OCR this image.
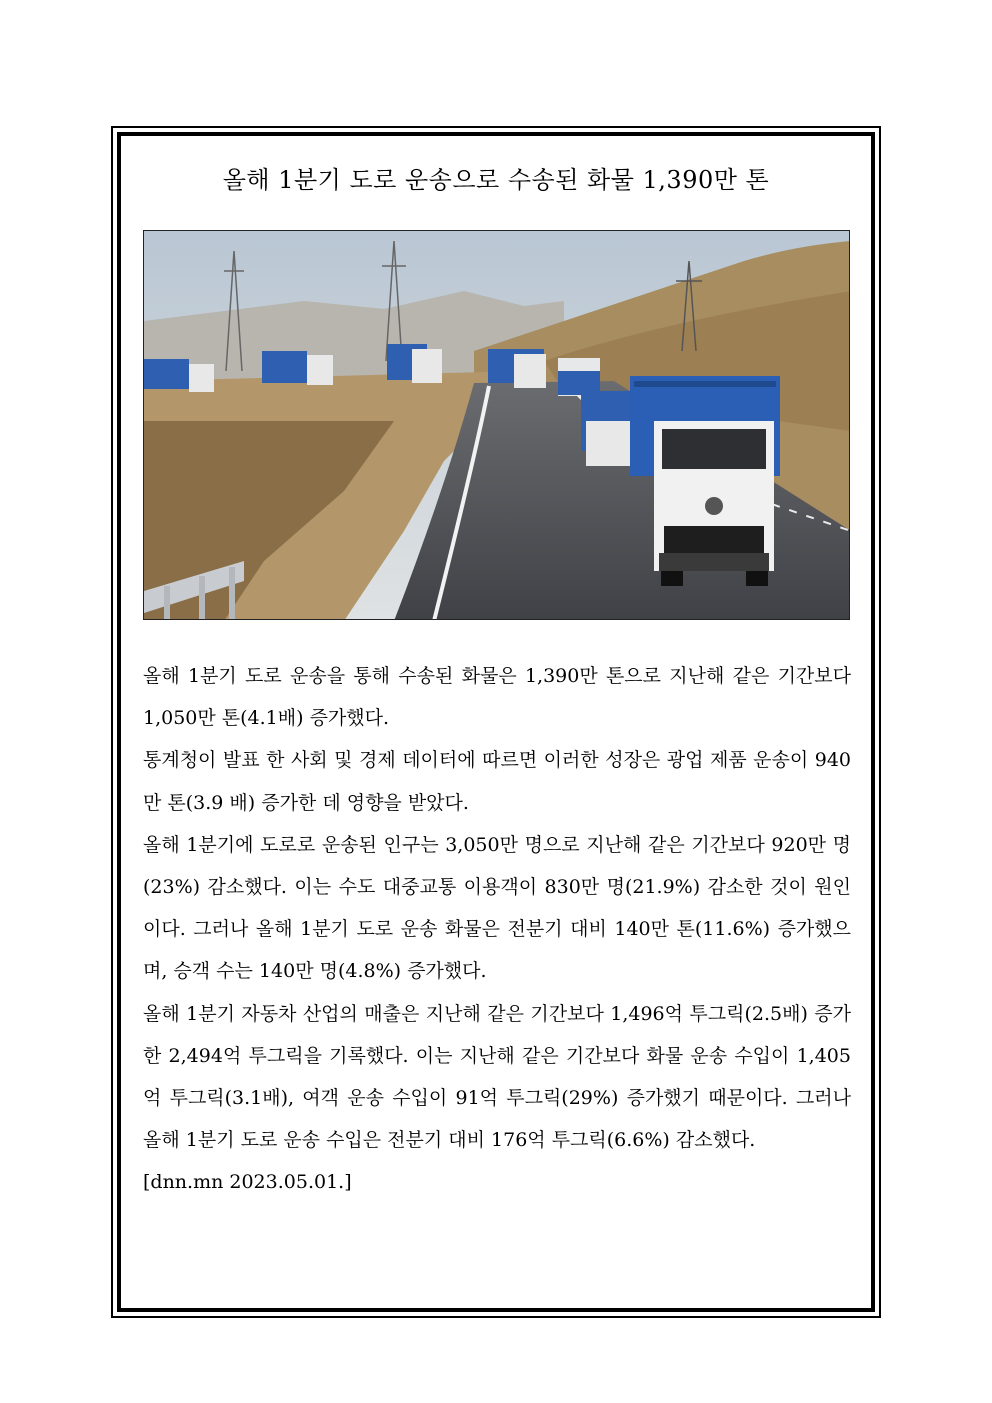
올해 1분기 도로 운송으로 수송된 화물 1,390만 톤

올해 1분기 도로 운송을 통해 수송된 화물은 1,390만 톤으로 지난해 같은 기간보다 1,050만 톤(4.1배) 증가했다.

통계청이 발표 한 사회 및 경제 데이터에 따르면 이러한 성장은 광업 제품 운송이 940만 톤(3.9 배) 증가한 데 영향을 받았다.

올해 1분기에 도로로 운송된 인구는 3,050만 명으로 지난해 같은 기간보다 920만 명(23%) 감소했다. 이는 수도 대중교통 이용객이 830만 명(21.9%) 감소한 것이 원인이다. 그러나 올해 1분기 도로 운송 화물은 전분기 대비 140만 톤(11.6%) 증가했으며, 승객 수는 140만 명(4.8%) 증가했다.

올해 1분기 자동차 산업의 매출은 지난해 같은 기간보다 1,496억 투그릭(2.5배) 증가한 2,494억 투그릭을 기록했다. 이는 지난해 같은 기간보다 화물 운송 수입이 1,405억 투그릭(3.1배), 여객 운송 수입이 91억 투그릭(29%) 증가했기 때문이다. 그러나 올해 1분기 도로 운송 수입은 전분기 대비 176억 투그릭(6.6%) 감소했다.

[dnn.mn 2023.05.01.]
